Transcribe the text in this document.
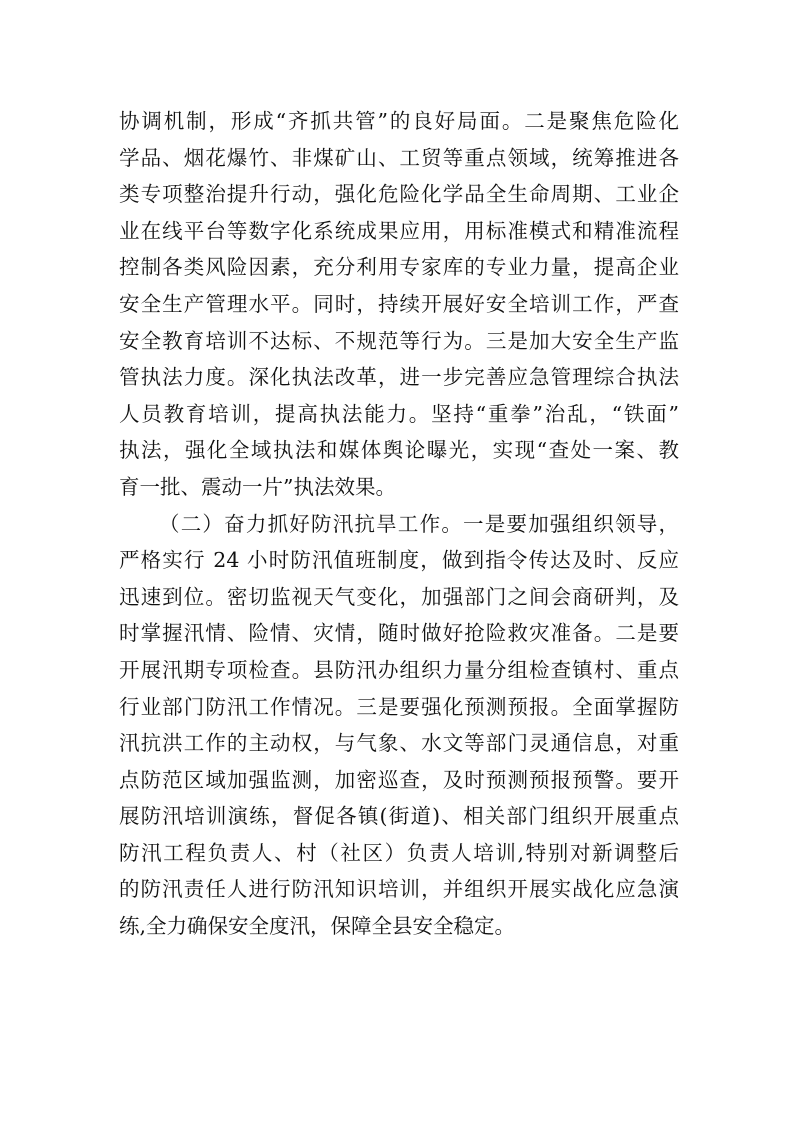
协调机制，形成“齐抓共管”的良好局面。二是聚焦危险化
学品、烟花爆竹、非煤矿山、工贸等重点领域，统筹推进各
类专项整治提升行动，强化危险化学品全生命周期、工业企
业在线平台等数字化系统成果应用，用标准模式和精准流程
控制各类风险因素，充分利用专家库的专业力量，提高企业
安全生产管理水平。同时，持续开展好安全培训工作，严查
安全教育培训不达标、不规范等行为。三是加大安全生产监
管执法力度。深化执法改革，进一步完善应急管理综合执法
人员教育培训，提高执法能力。坚持“重拳”治乱，“铁面”
执法，强化全域执法和媒体舆论曝光，实现“查处一案、教
育一批、震动一片”执法效果。
（二）奋力抓好防汛抗旱工作。一是要加强组织领导，
严格实行 24 小时防汛值班制度，做到指令传达及时、反应
迅速到位。密切监视天气变化，加强部门之间会商研判，及
时掌握汛情、险情、灾情，随时做好抢险救灾准备。二是要
开展汛期专项检查。县防汛办组织力量分组检查镇村、重点
行业部门防汛工作情况。三是要强化预测预报。全面掌握防
汛抗洪工作的主动权，与气象、水文等部门灵通信息，对重
点防范区域加强监测，加密巡查，及时预测预报预警。要开
展防汛培训演练，督促各镇(街道)、相关部门组织开展重点
防汛工程负责人、村（社区）负责人培训,特别对新调整后
的防汛责任人进行防汛知识培训，并组织开展实战化应急演
练,全力确保安全度汛，保障全县安全稳定。
